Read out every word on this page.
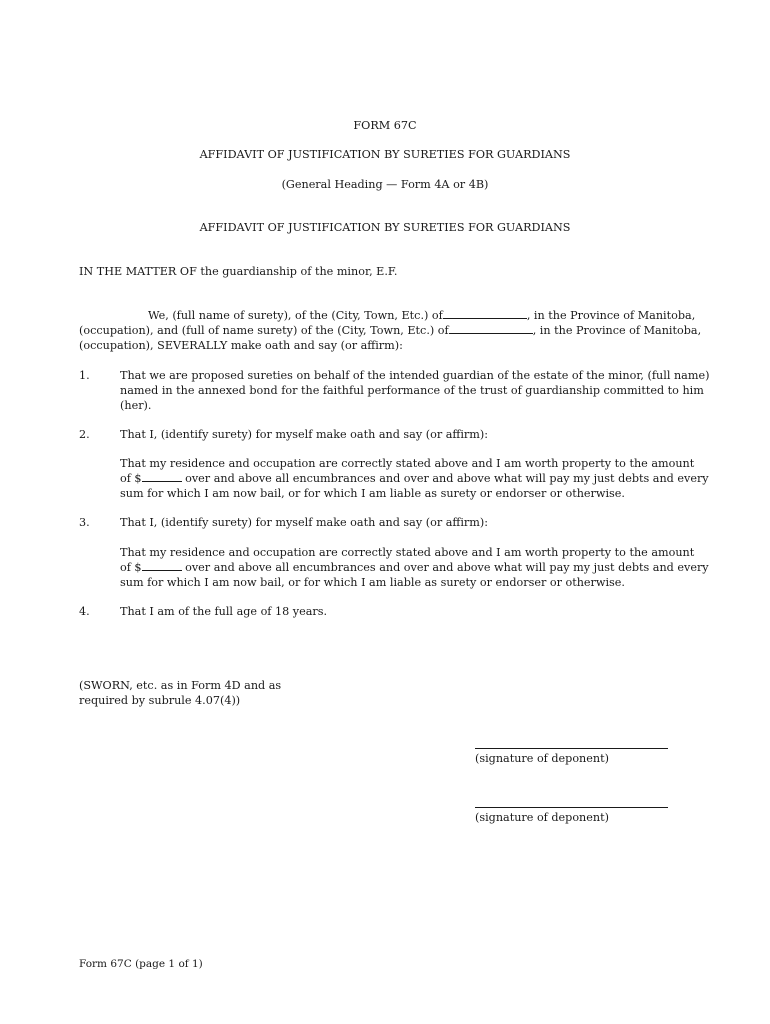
FORM 67C
AFFIDAVIT OF JUSTIFICATION BY SURETIES FOR GUARDIANS
(General Heading — Form 4A or 4B)
AFFIDAVIT OF JUSTIFICATION BY SURETIES FOR GUARDIANS
IN THE MATTER OF the guardianship of the minor, E.F.
We, (full name of surety), of the (City, Town, Etc.) of	, in the Province of Manitoba,
(occupation), and (full of name surety) of the (City, Town, Etc.) of	, in the Province of Manitoba,
(occupation), SEVERALLY make oath and say (or affirm):
1.	That we are proposed sureties on behalf of the intended guardian of the estate of the minor, (full name)
named in the annexed bond for the faithful performance of the trust of guardianship committed to him
(her).
2.	That I, (identify surety) for myself make oath and say (or affirm):
That my residence and occupation are correctly stated above and I am worth property to the amount
of $	over and above all encumbrances and over and above what will pay my just debts and every
sum for which I am now bail, or for which I am liable as surety or endorser or otherwise.
3.	That I, (identify surety) for myself make oath and say (or affirm):
That my residence and occupation are correctly stated above and I am worth property to the amount
of $	over and above all encumbrances and over and above what will pay my just debts and every
sum for which I am now bail, or for which I am liable as surety or endorser or otherwise.
4.	That I am of the full age of 18 years.
(SWORN, etc. as in Form 4D and as
required by subrule 4.07(4))
(signature of deponent)
(signature of deponent)
Form 67C (page 1 of 1)
